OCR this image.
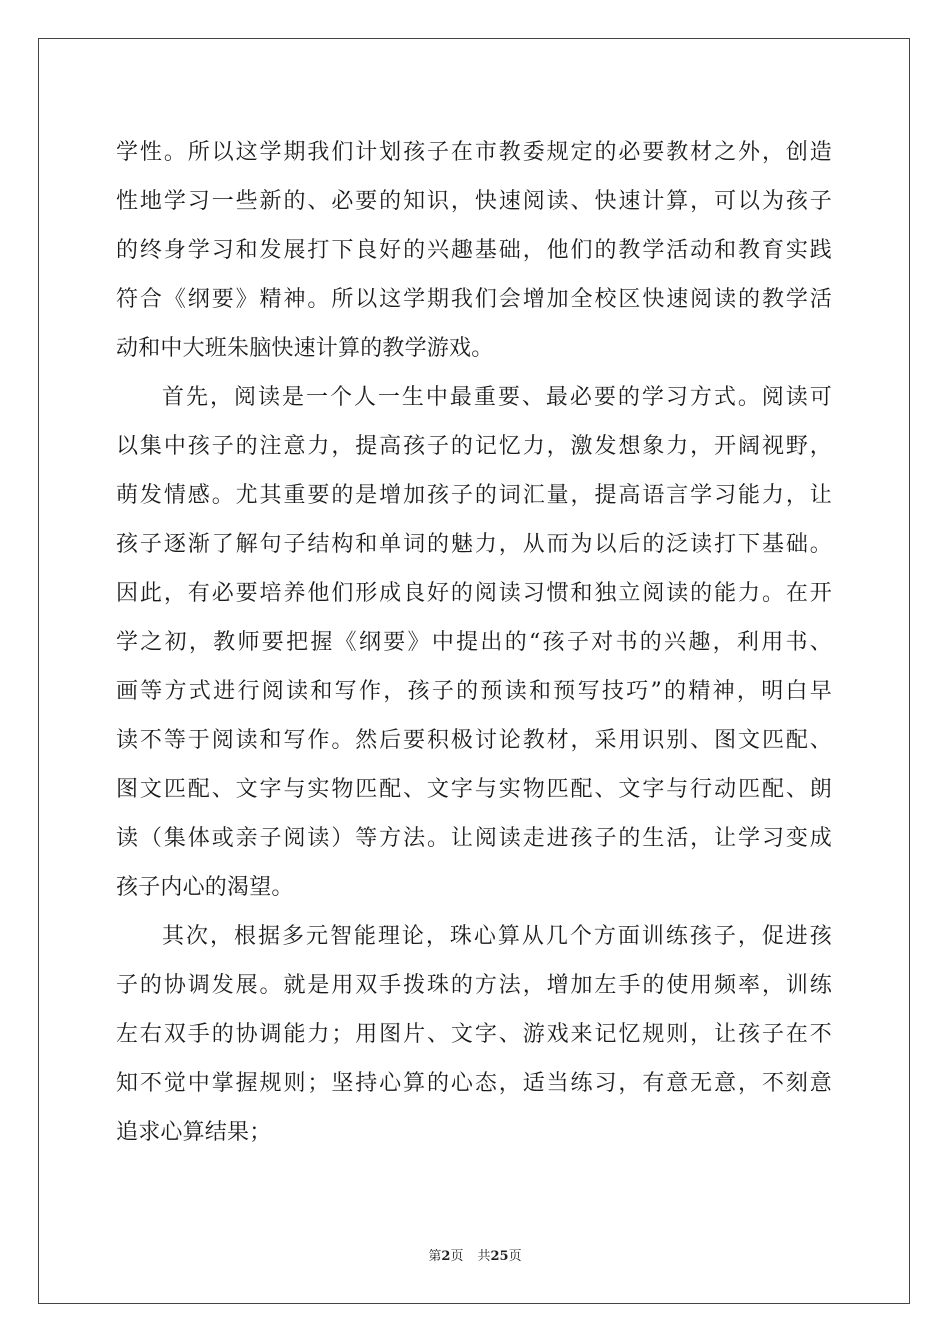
学性。所以这学期我们计划孩子在市教委规定的必要教材之外，创造
性地学习一些新的、必要的知识，快速阅读、快速计算，可以为孩子
的终身学习和发展打下良好的兴趣基础，他们的教学活动和教育实践
符合《纲要》精神。所以这学期我们会增加全校区快速阅读的教学活
动和中大班朱脑快速计算的教学游戏。
首先，阅读是一个人一生中最重要、最必要的学习方式。阅读可
以集中孩子的注意力，提高孩子的记忆力，激发想象力，开阔视野，
萌发情感。尤其重要的是增加孩子的词汇量，提高语言学习能力，让
孩子逐渐了解句子结构和单词的魅力，从而为以后的泛读打下基础。
因此，有必要培养他们形成良好的阅读习惯和独立阅读的能力。在开
学之初，教师要把握《纲要》中提出的“孩子对书的兴趣，利用书、
画等方式进行阅读和写作，孩子的预读和预写技巧”的精神，明白早
读不等于阅读和写作。然后要积极讨论教材，采用识别、图文匹配、
图文匹配、文字与实物匹配、文字与实物匹配、文字与行动匹配、朗
读（集体或亲子阅读）等方法。让阅读走进孩子的生活，让学习变成
孩子内心的渴望。
其次，根据多元智能理论，珠心算从几个方面训练孩子，促进孩
子的协调发展。就是用双手拨珠的方法，增加左手的使用频率，训练
左右双手的协调能力；用图片、文字、游戏来记忆规则，让孩子在不
知不觉中掌握规则；坚持心算的心态，适当练习，有意无意，不刻意
追求心算结果；
第2页 共25页
